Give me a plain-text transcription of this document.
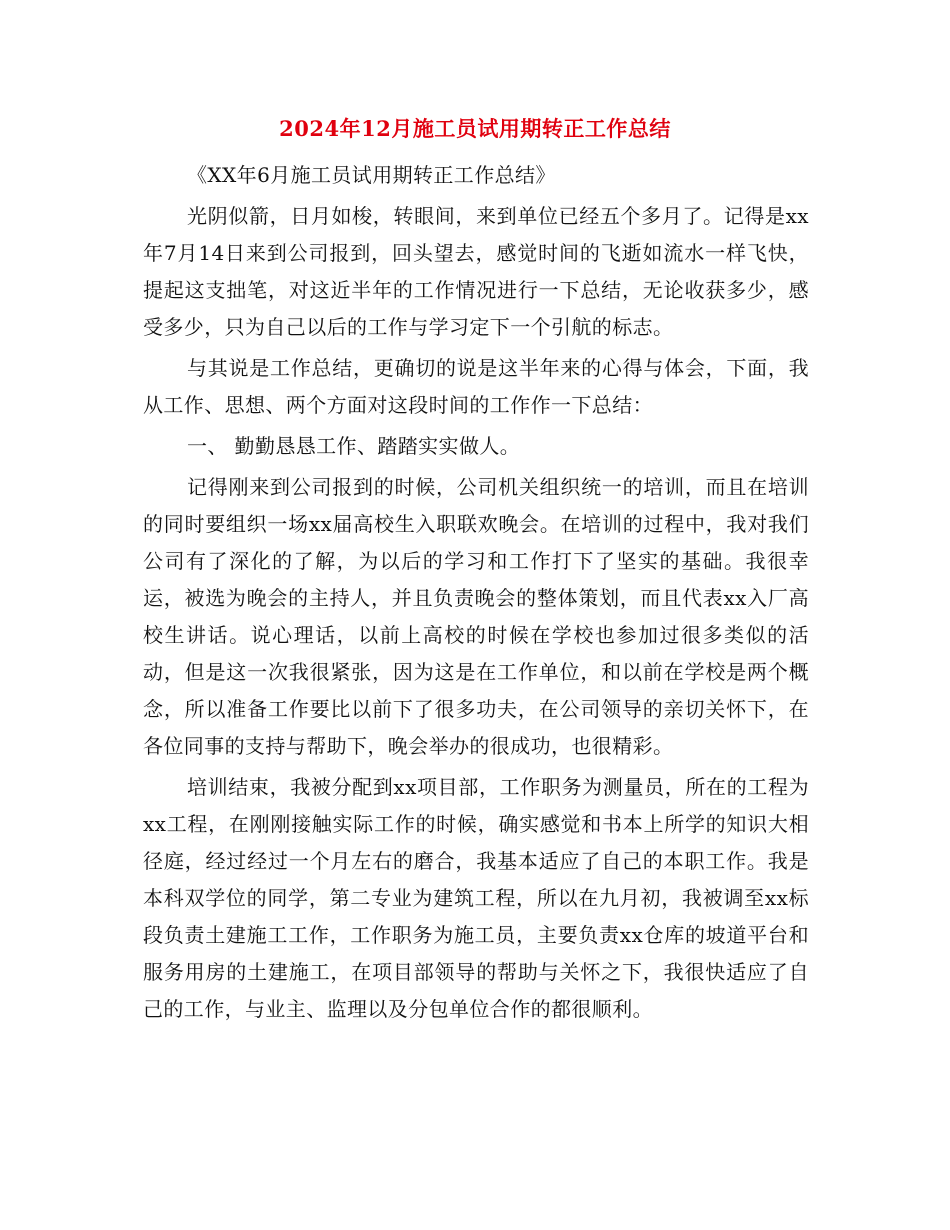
2024年12月施工员试用期转正工作总结

《XX年6月施工员试用期转正工作总结》

光阴似箭，日月如梭，转眼间，来到单位已经五个多月了。记得是xx年7月14日来到公司报到，回头望去，感觉时间的飞逝如流水一样飞快，提起这支拙笔，对这近半年的工作情况进行一下总结，无论收获多少，感受多少，只为自己以后的工作与学习定下一个引航的标志。

与其说是工作总结，更确切的说是这半年来的心得与体会，下面，我从工作、思想、两个方面对这段时间的工作作一下总结：

一、 勤勤恳恳工作、踏踏实实做人。

记得刚来到公司报到的时候，公司机关组织统一的培训，而且在培训的同时要组织一场xx届高校生入职联欢晚会。在培训的过程中，我对我们公司有了深化的了解，为以后的学习和工作打下了坚实的基础。我很幸运，被选为晚会的主持人，并且负责晚会的整体策划，而且代表xx入厂高校生讲话。说心理话，以前上高校的时候在学校也参加过很多类似的活动，但是这一次我很紧张，因为这是在工作单位，和以前在学校是两个概念，所以准备工作要比以前下了很多功夫，在公司领导的亲切关怀下，在各位同事的支持与帮助下，晚会举办的很成功，也很精彩。

培训结束，我被分配到xx项目部，工作职务为测量员，所在的工程为xx工程，在刚刚接触实际工作的时候，确实感觉和书本上所学的知识大相径庭，经过经过一个月左右的磨合，我基本适应了自己的本职工作。我是本科双学位的同学，第二专业为建筑工程，所以在九月初，我被调至xx标段负责土建施工工作，工作职务为施工员，主要负责xx仓库的坡道平台和服务用房的土建施工，在项目部领导的帮助与关怀之下，我很快适应了自己的工作，与业主、监理以及分包单位合作的都很顺利。
